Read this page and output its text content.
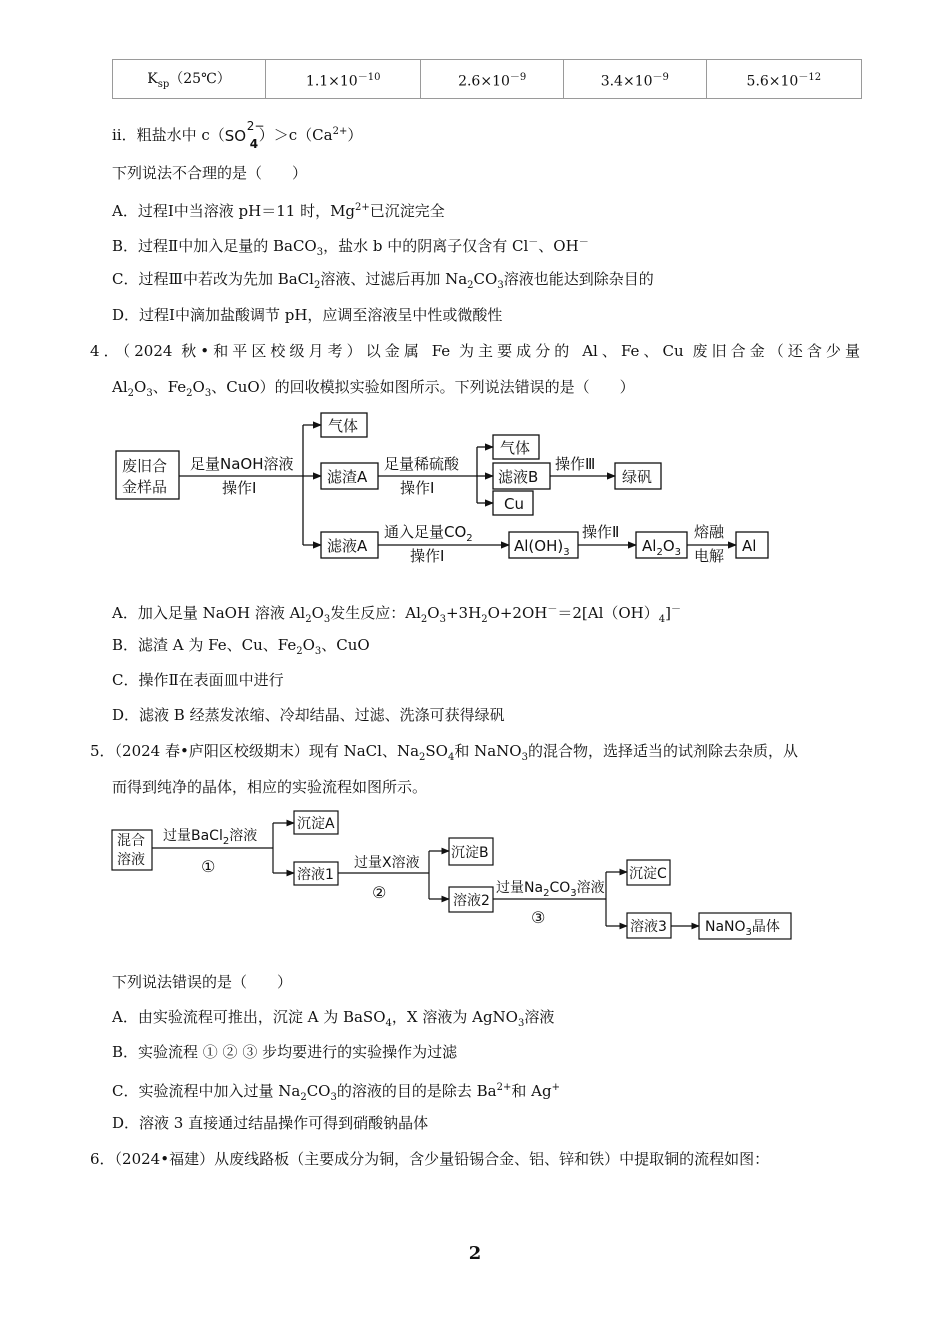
$K_{sp}(25℃)$	$1.1\times 10^{-10}$	$2.6\times 10^{-9}$	$3.4\times 10^{-9}$	$5.6\times 10^{-12}$
ii．粗盐水中 c（ SO
2−
4 ）$>c(Ca^{2+})$
下列说法不合理的是（　　）
A．过程Ⅰ中当溶液 pH＝11 时，$Mg^{2+}$已沉淀完全
B．过程Ⅱ中加入足量的 BaCO$_3$，盐水 b 中的阴离子仅含有 Cl－、OH－
C．过程Ⅲ中若改为先加 BaCl$_2$溶液、过滤后再加 $Na_2CO_3$溶液也能达到除杂目的
D．过程Ⅰ中滴加盐酸调节 pH，应调至溶液呈中性或微酸性
4．（2024 秋•和平区校级月考）以金属 Fe 为主要成分的 Al、Fe、Cu 废旧合金（还含少量
$Al_2O_3$、$Fe_2O_3$、CuO）的回收模拟实验如图所示。下列说法错误的是（　　）
废旧合
金样品
足量NaOH溶液
操作Ⅰ
气体
滤渣A
足量稀硫酸
操作Ⅰ
气体
滤液B
Cu
操作Ⅲ
绿矾
滤液A
通入足量$CO_2$
操作Ⅰ
$Al(OH)_3$
操作Ⅱ
$Al_2O_3$
熔融
电解
Al
混合
溶液
过量BaCl$_2$溶液
①
沉淀A
溶液1
过量X溶液
②
沉淀B
溶液2
过量$Na_2CO_3$溶液
③
沉淀C
溶液3	NaNO$_3$晶体
A．加入足量 NaOH 溶液 $Al_2O_3$发生反应：$Al_2O_3+3H_2O+2OH^-=2[Al(OH)_4]^-$
B．滤渣 A 为 Fe、Cu、$Fe_2O_3$、CuO
C．操作Ⅱ在表面皿中进行
D．滤液 B 经蒸发浓缩、冷却结晶、过滤、洗涤可获得绿矾
5．（2024 春•庐阳区校级期末）现有 NaCl、$Na_2SO_4$和 NaNO$_3$的混合物，选择适当的试剂除去杂质，从
而得到纯净的晶体，相应的实验流程如图所示。
下列说法错误的是（　　）
A．由实验流程可推出，沉淀 A 为 BaSO$_4$，X 溶液为 AgNO$_3$溶液
B．实验流程 ① ② ③ 步均要进行的实验操作为过滤
C．实验流程中加入过量 $Na_2CO_3$的溶液的目的是除去 $Ba^{2+}$和 Ag+
D．溶液 3 直接通过结晶操作可得到硝酸钠晶体
6．（2024•福建）从废线路板（主要成分为铜，含少量铅锡合金、铝、锌和铁）中提取铜的流程如图：
2
